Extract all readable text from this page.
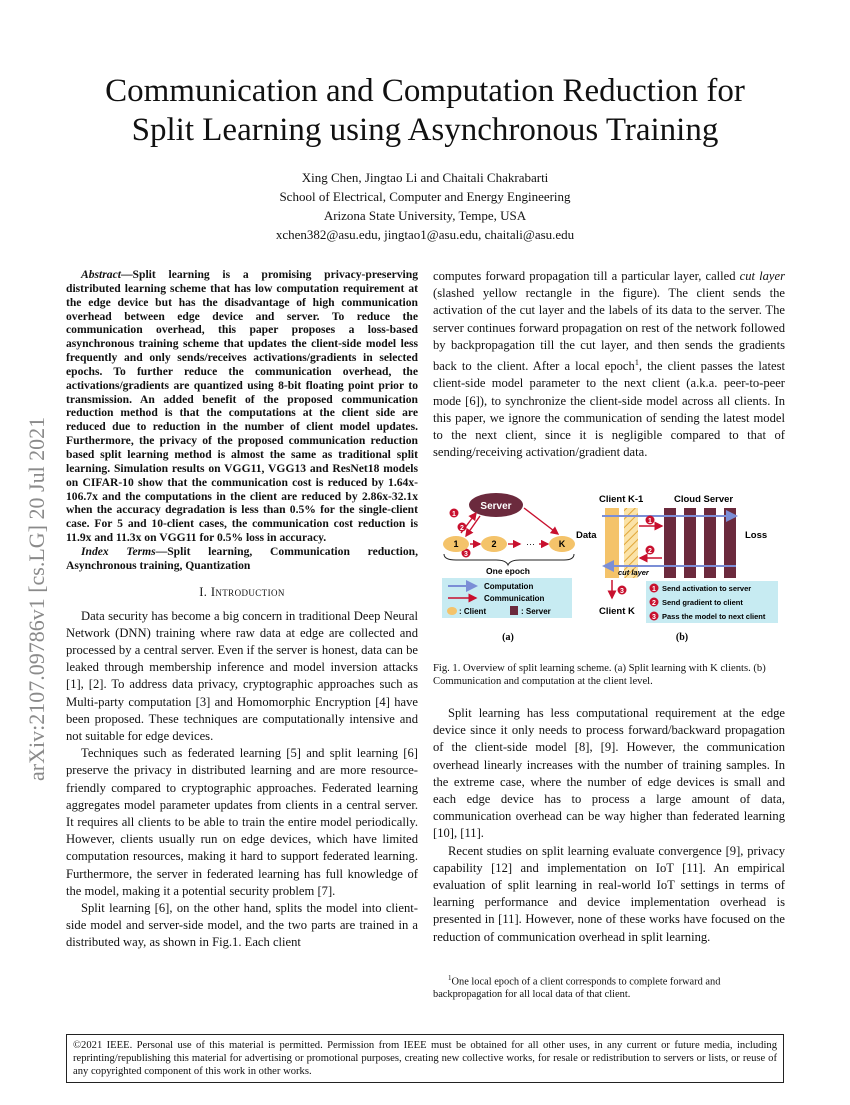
arXiv:2107.09786v1 [cs.LG] 20 Jul 2021
Communication and Computation Reduction for
Split Learning using Asynchronous Training
Xing Chen, Jingtao Li and Chaitali Chakrabarti
School of Electrical, Computer and Energy Engineering
Arizona State University, Tempe, USA
xchen382@asu.edu, jingtao1@asu.edu, chaitali@asu.edu

Abstract—Split learning is a promising privacy-preserving distributed learning scheme that has low computation requirement at the edge device but has the disadvantage of high communication overhead between edge device and server. To reduce the communication overhead, this paper proposes a loss-based asynchronous training scheme that updates the client-side model less frequently and only sends/receives activations/gradients in selected epochs. To further reduce the communication overhead, the activations/gradients are quantized using 8-bit floating point prior to transmission. An added benefit of the proposed communication reduction method is that the computations at the client side are reduced due to reduction in the number of client model updates. Furthermore, the privacy of the proposed communication reduction based split learning method is almost the same as traditional split learning. Simulation results on VGG11, VGG13 and ResNet18 models on CIFAR-10 show that the communication cost is reduced by 1.64x-106.7x and the computations in the client are reduced by 2.86x-32.1x when the accuracy degradation is less than 0.5% for the single-client case. For 5 and 10-client cases, the communication cost reduction is 11.9x and 11.3x on VGG11 for 0.5% loss in accuracy.

Index Terms—Split learning, Communication reduction, Asynchronous training, Quantization

I. Introduction

Data security has become a big concern in traditional Deep Neural Network (DNN) training where raw data at edge are collected and processed by a central server. Even if the server is honest, data can be leaked through membership inference and model inversion attacks [1], [2]. To address data privacy, cryptographic approaches such as Multi-party computation [3] and Homomorphic Encryption [4] have been proposed. These techniques are computationally intensive and not suitable for edge devices.

Techniques such as federated learning [5] and split learning [6] preserve the privacy in distributed learning and are more resource-friendly compared to cryptographic approaches. Federated learning aggregates model parameter updates from clients in a central server. It requires all clients to be able to train the entire model periodically. However, clients usually run on edge devices, which have limited computation resources, making it hard to support federated learning. Furthermore, the server in federated learning has full knowledge of the model, making it a potential security problem [7].

Split learning [6], on the other hand, splits the model into client-side model and server-side model, and the two parts are trained in a distributed way, as shown in Fig.1. Each client

computes forward propagation till a particular layer, called cut layer (slashed yellow rectangle in the figure). The client sends the activation of the cut layer and the labels of its data to the server. The server continues forward propagation on rest of the network followed by backpropagation till the cut layer, and then sends the gradients back to the client. After a local epoch$^1$, the client passes the latest client-side model parameter to the next client (a.k.a. peer-to-peer mode [6]), to synchronize the client-side model across all clients. In this paper, we ignore the communication of sending the latest model to the next client, since it is negligible compared to that of sending/receiving activation/gradient data.

Server
1
2
3
1	2	···	K
One epoch
Computation
Communication
: Client	: Server
(a)
Data
Client K-1	Cloud Server
1
2
Loss
cut layer
3
Client K
1 Send activation to server
2 Send gradient to client
3 Pass the model to next client
(b)
Fig. 1. Overview of split learning scheme. (a) Split learning with K clients. (b) Communication and computation at the client level.

Split learning has less computational requirement at the edge device since it only needs to process forward/backward propagation of the client-side model [8], [9]. However, the communication overhead linearly increases with the number of training samples. In the extreme case, where the number of edge devices is small and each edge device has to process a large amount of data, communication overhead can be way higher than federated learning [10], [11].

Recent studies on split learning evaluate convergence [9], privacy capability [12] and implementation on IoT [11]. An empirical evaluation of split learning in real-world IoT settings in terms of learning performance and device implementation overhead is presented in [11]. However, none of these works have focused on the reduction of communication overhead in split learning.

$^1$One local epoch of a client corresponds to complete forward and backpropagation for all local data of that client.
©2021 IEEE. Personal use of this material is permitted. Permission from IEEE must be obtained for all other uses, in any current or future media, including reprinting/republishing this material for advertising or promotional purposes, creating new collective works, for resale or redistribution to servers or lists, or reuse of any copyrighted component of this work in other works.
